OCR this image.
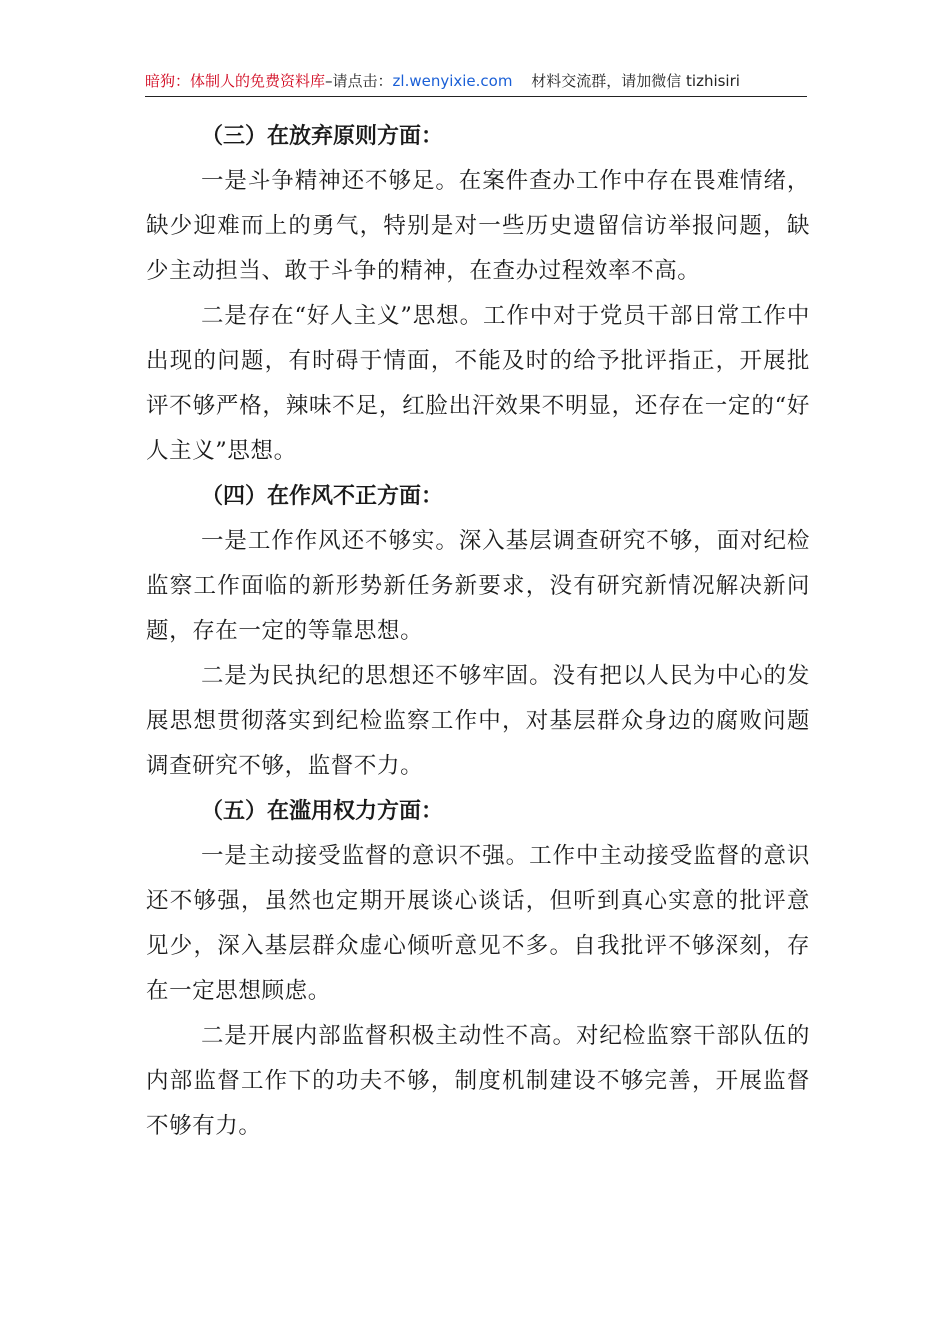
暗狗：体制人的免费资料库–请点击：zl.wenyixie.com 材料交流群，请加微信 tizhisiri

（三）在放弃原则方面：

一是斗争精神还不够足。在案件查办工作中存在畏难情绪，缺少迎难而上的勇气，特别是对一些历史遗留信访举报问题，缺少主动担当、敢于斗争的精神，在查办过程效率不高。

二是存在“好人主义”思想。工作中对于党员干部日常工作中出现的问题，有时碍于情面，不能及时的给予批评指正，开展批评不够严格，辣味不足，红脸出汗效果不明显，还存在一定的“好人主义”思想。

（四）在作风不正方面：

一是工作作风还不够实。深入基层调查研究不够，面对纪检监察工作面临的新形势新任务新要求，没有研究新情况解决新问题，存在一定的等靠思想。

二是为民执纪的思想还不够牢固。没有把以人民为中心的发展思想贯彻落实到纪检监察工作中，对基层群众身边的腐败问题调查研究不够，监督不力。

（五）在滥用权力方面：

一是主动接受监督的意识不强。工作中主动接受监督的意识还不够强，虽然也定期开展谈心谈话，但听到真心实意的批评意见少，深入基层群众虚心倾听意见不多。自我批评不够深刻，存在一定思想顾虑。

二是开展内部监督积极主动性不高。对纪检监察干部队伍的内部监督工作下的功夫不够，制度机制建设不够完善，开展监督不够有力。
